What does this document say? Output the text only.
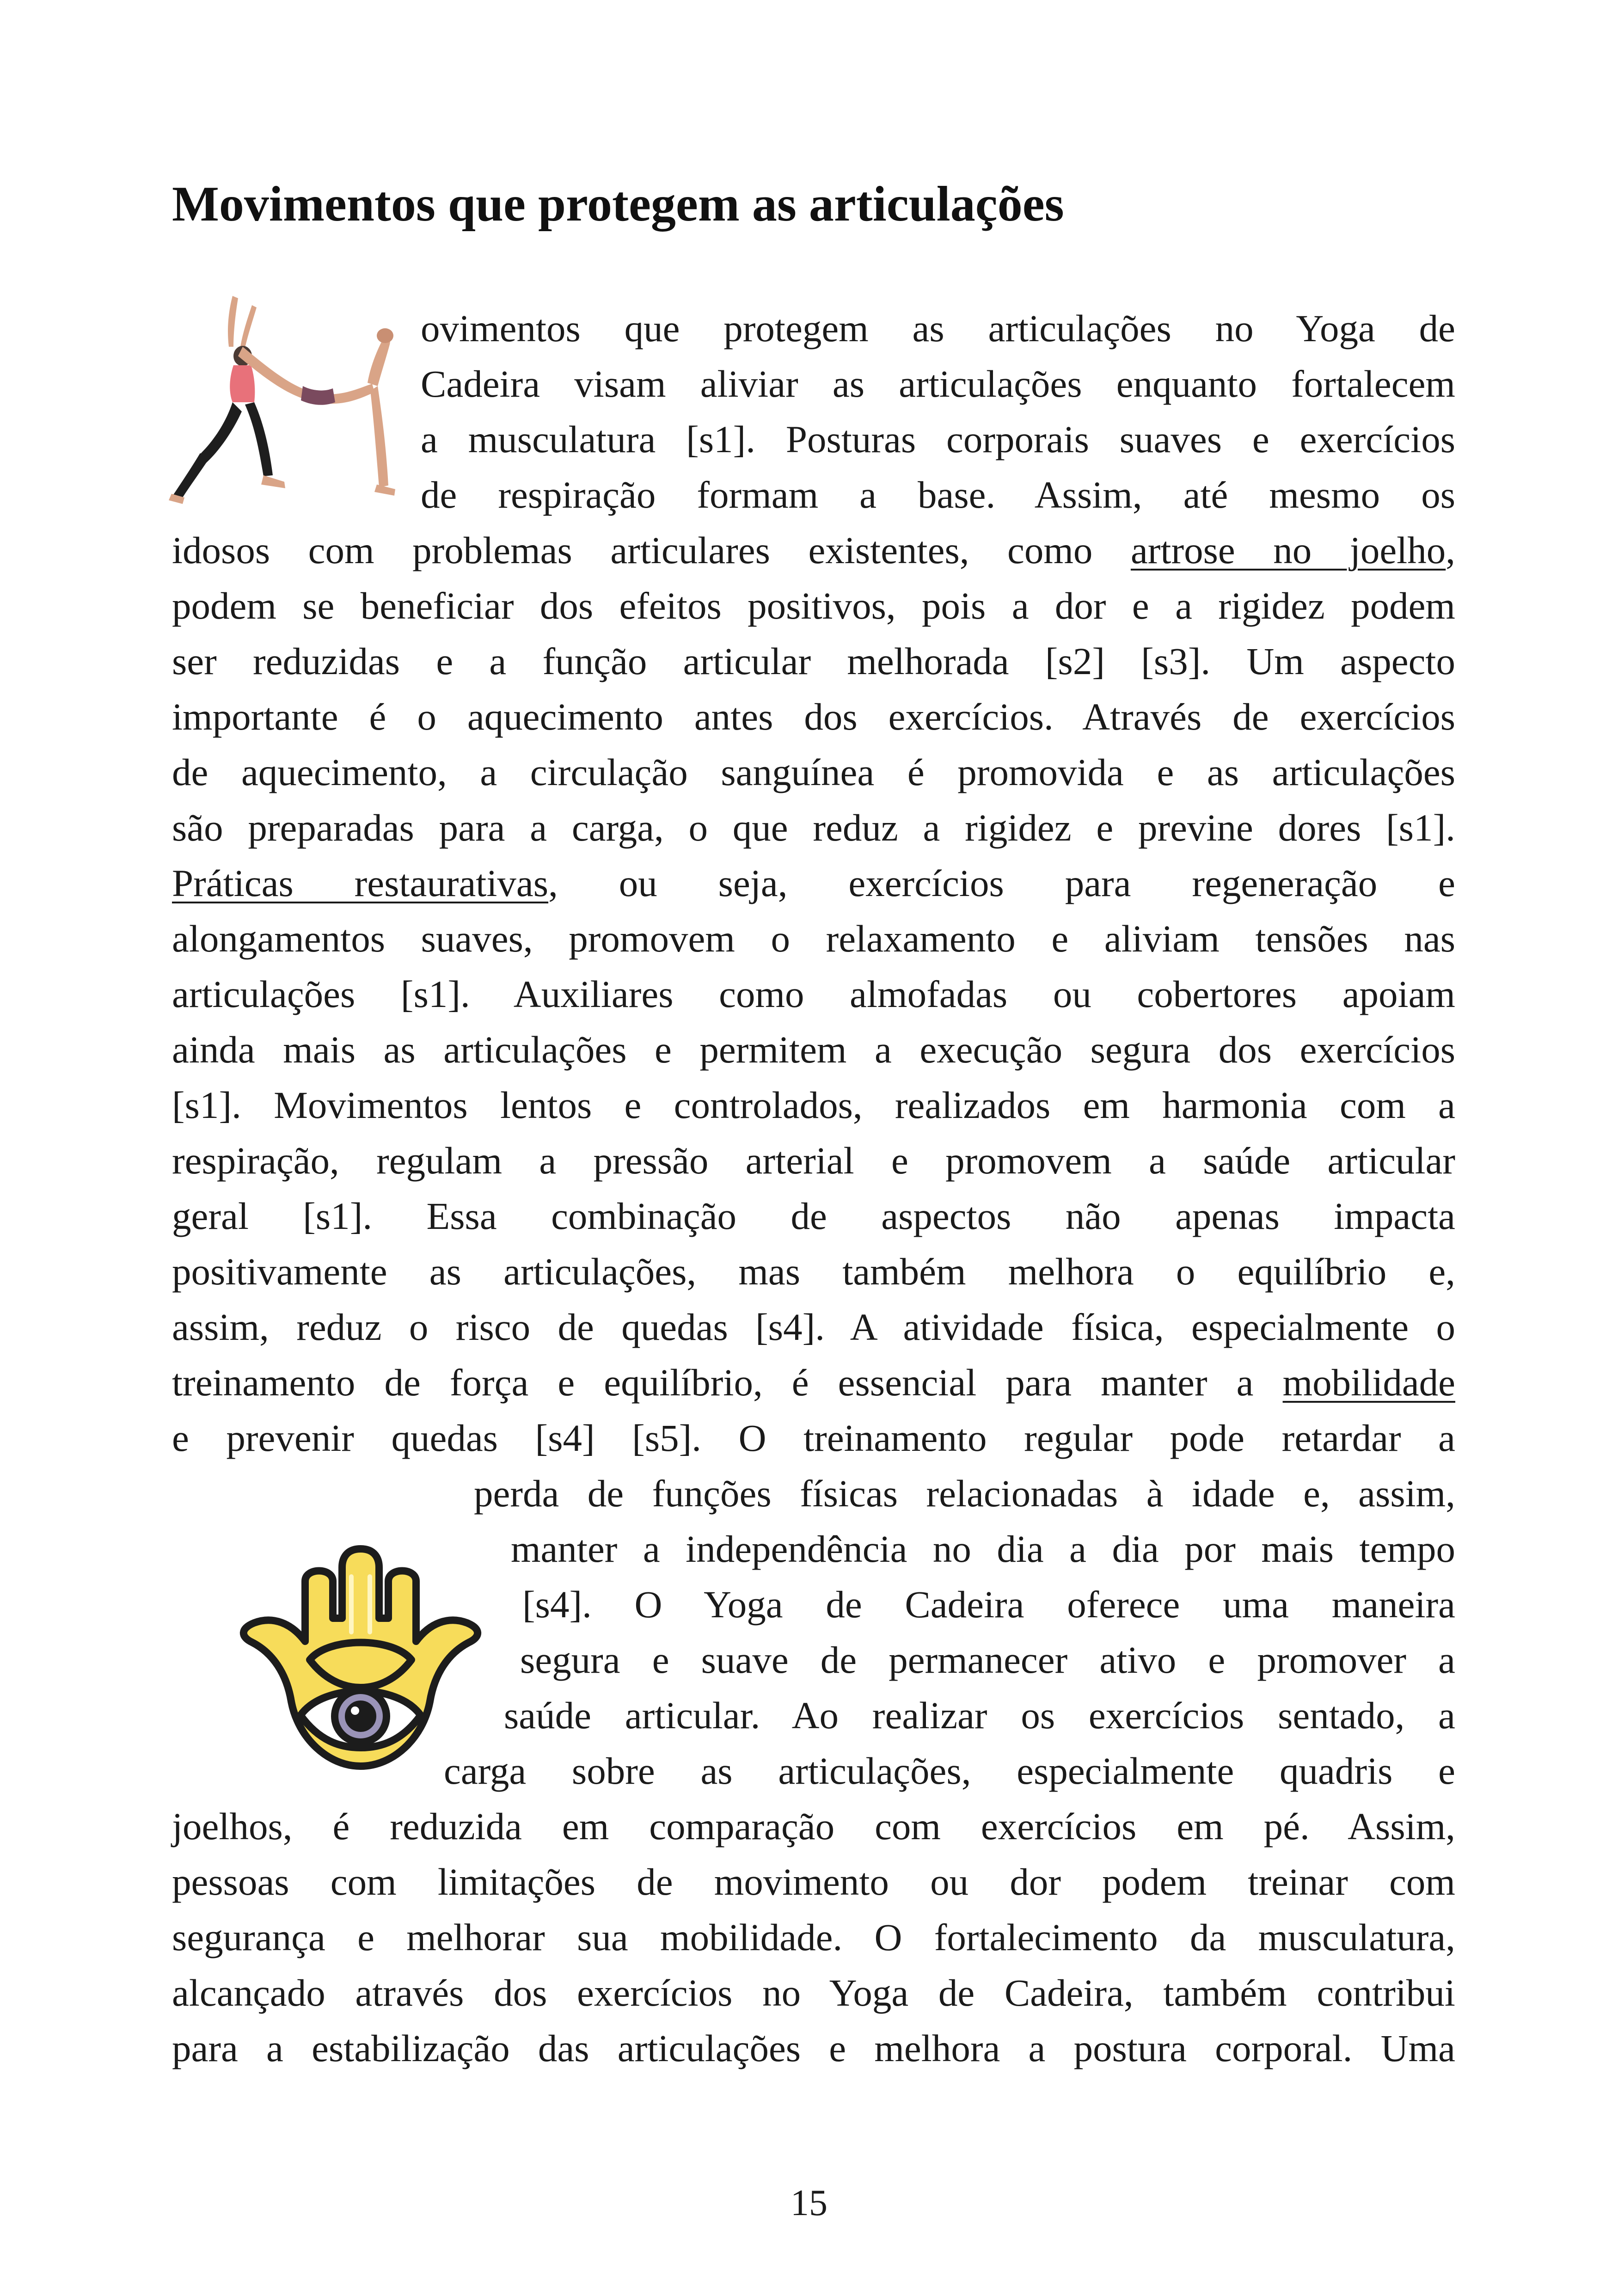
Movimentos que protegem as articulações

ovimentos que protegem as articulações no Yoga de

Cadeira visam aliviar as articulações enquanto fortalecem

a musculatura [s1]. Posturas corporais suaves e exercícios

de respiração formam a base. Assim, até mesmo os

idosos com problemas articulares existentes, como artrose no joelho,

podem se beneficiar dos efeitos positivos, pois a dor e a rigidez podem

ser reduzidas e a função articular melhorada [s2] [s3]. Um aspecto

importante é o aquecimento antes dos exercícios. Através de exercícios

de aquecimento, a circulação sanguínea é promovida e as articulações

são preparadas para a carga, o que reduz a rigidez e previne dores [s1].

Práticas restaurativas, ou seja, exercícios para regeneração e

alongamentos suaves, promovem o relaxamento e aliviam tensões nas

articulações [s1]. Auxiliares como almofadas ou cobertores apoiam

ainda mais as articulações e permitem a execução segura dos exercícios

[s1]. Movimentos lentos e controlados, realizados em harmonia com a

respiração, regulam a pressão arterial e promovem a saúde articular

geral [s1]. Essa combinação de aspectos não apenas impacta

positivamente as articulações, mas também melhora o equilíbrio e,

assim, reduz o risco de quedas [s4]. A atividade física, especialmente o

treinamento de força e equilíbrio, é essencial para manter a mobilidade

e prevenir quedas [s4] [s5]. O treinamento regular pode retardar a

perda de funções físicas relacionadas à idade e, assim,

manter a independência no dia a dia por mais tempo

[s4]. O Yoga de Cadeira oferece uma maneira

segura e suave de permanecer ativo e promover a

saúde articular. Ao realizar os exercícios sentado, a

carga sobre as articulações, especialmente quadris e

joelhos, é reduzida em comparação com exercícios em pé. Assim,

pessoas com limitações de movimento ou dor podem treinar com

segurança e melhorar sua mobilidade. O fortalecimento da musculatura,

alcançado através dos exercícios no Yoga de Cadeira, também contribui

para a estabilização das articulações e melhora a postura corporal. Uma

15
